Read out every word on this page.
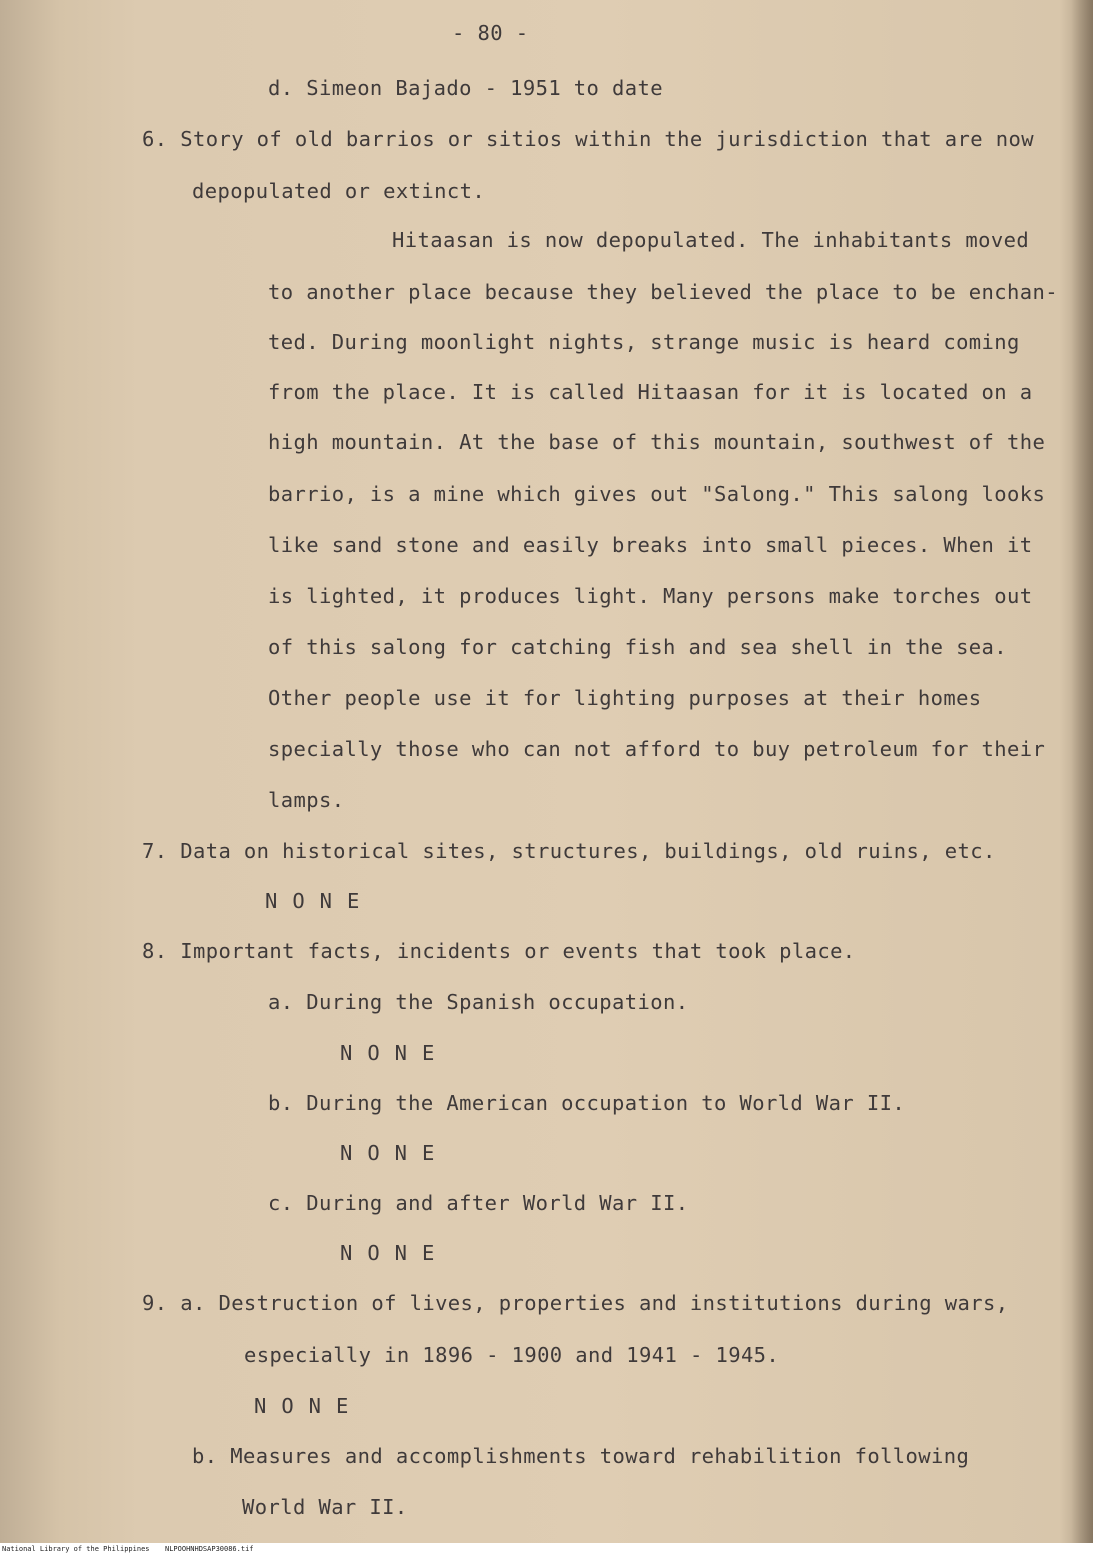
- 80 -
d. Simeon Bajado - 1951 to date
6. Story of old barrios or sitios within the jurisdiction that are now
depopulated or extinct.
Hitaasan is now depopulated. The inhabitants moved
to another place because they believed the place to be enchan-
ted. During moonlight nights, strange music is heard coming
from the place. It is called Hitaasan for it is located on a
high mountain. At the base of this mountain, southwest of the
barrio, is a mine which gives out "Salong." This salong looks
like sand stone and easily breaks into small pieces. When it
is lighted, it produces light. Many persons make torches out
of this salong for catching fish and sea shell in the sea.
Other people use it for lighting purposes at their homes
specially those who can not afford to buy petroleum for their
lamps.
7. Data on historical sites, structures, buildings, old ruins, etc.
NONE
8. Important facts, incidents or events that took place.
a. During the Spanish occupation.
NONE
b. During the American occupation to World War II.
NONE
c. During and after World War II.
NONE
9. a. Destruction of lives, properties and institutions during wars,
especially in 1896 - 1900 and 1941 - 1945.
NONE
b. Measures and accomplishments toward rehabilition following
World War II.
National Library of the Philippines NLPOOHNHDSAP30086.tif
